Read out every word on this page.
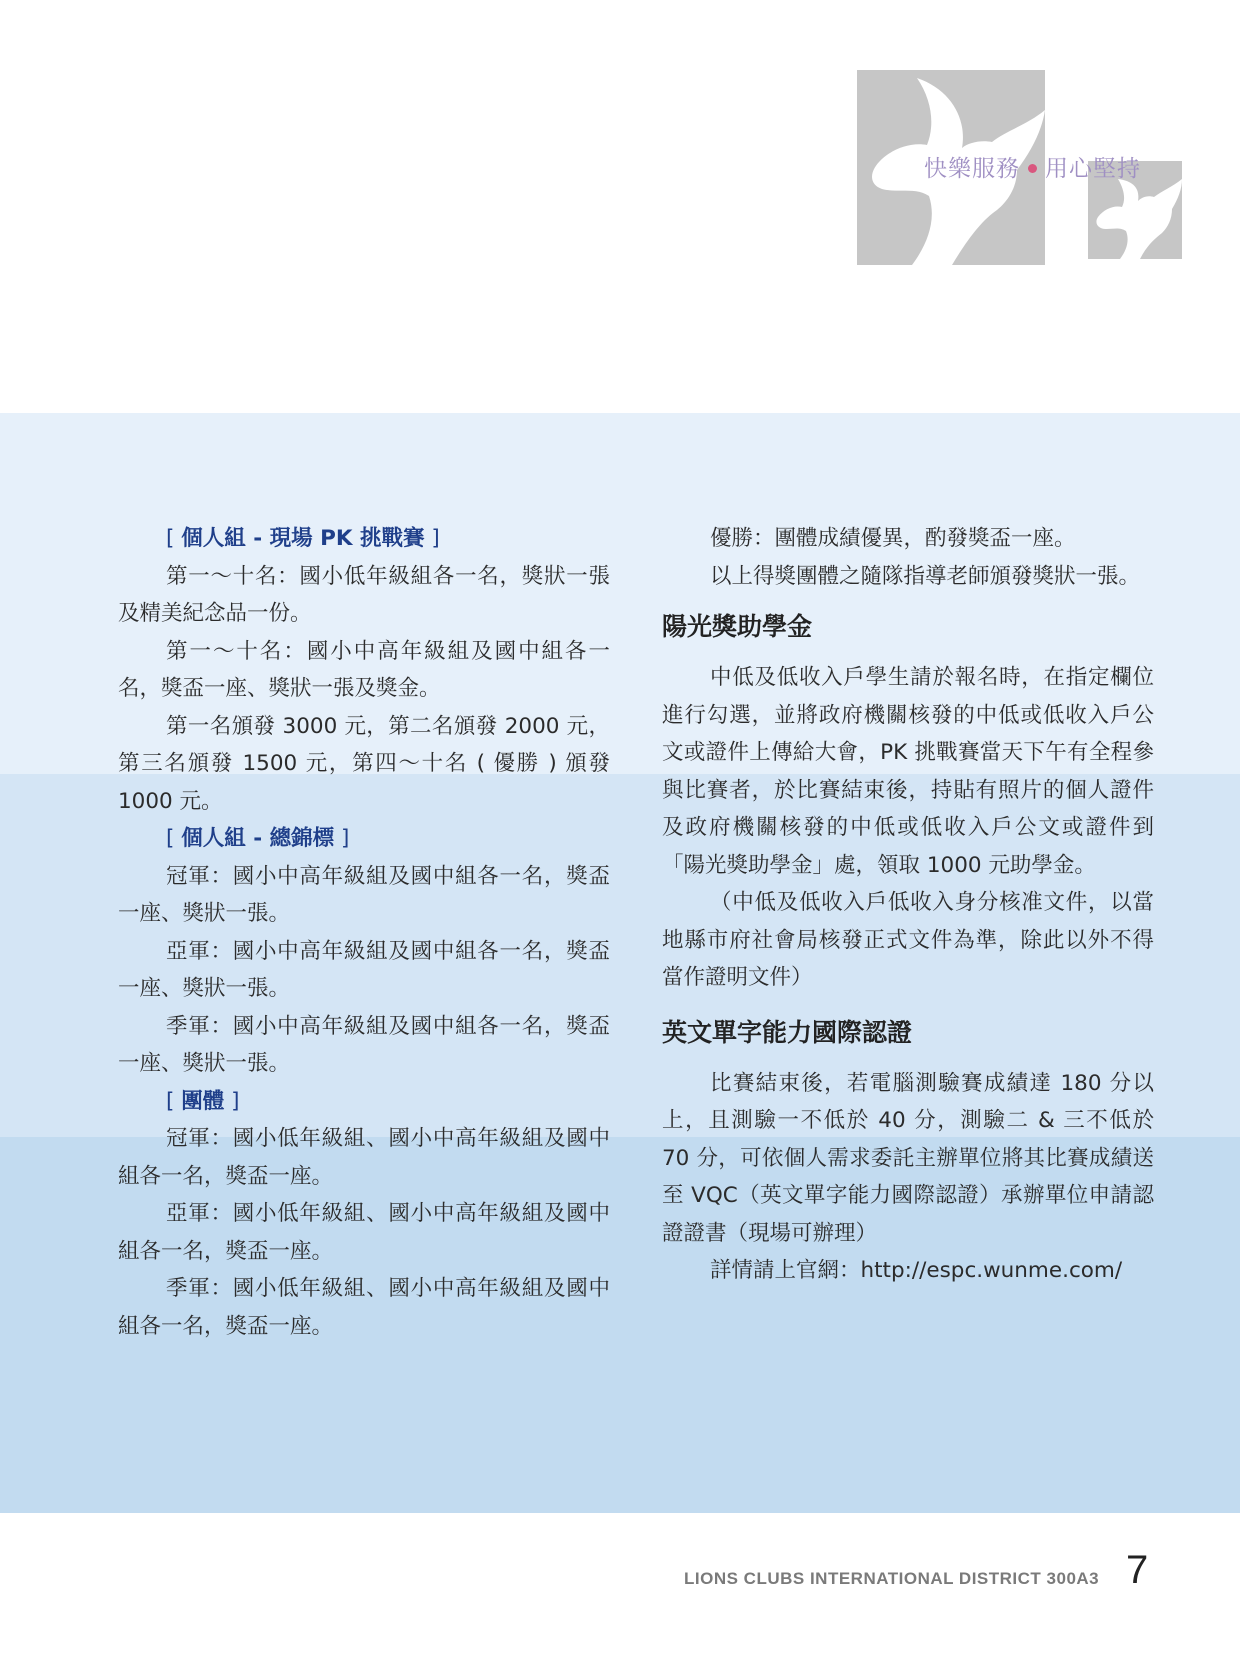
快樂服務 用心堅持

[ 個人組 - 現場 PK 挑戰賽 ]

第一～十名：國小低年級組各一名，獎狀一張及精美紀念品一份。

第一～十名：國小中高年級組及國中組各一名，獎盃一座、獎狀一張及獎金。

第一名頒發 3000 元，第二名頒發 2000 元，第三名頒發 1500 元，第四～十名 ( 優勝 ) 頒發 1000 元。

[ 個人組 - 總錦標 ]

冠軍：國小中高年級組及國中組各一名，獎盃一座、獎狀一張。

亞軍：國小中高年級組及國中組各一名，獎盃一座、獎狀一張。

季軍：國小中高年級組及國中組各一名，獎盃一座、獎狀一張。

[ 團體 ]

冠軍：國小低年級組、國小中高年級組及國中組各一名，獎盃一座。

亞軍：國小低年級組、國小中高年級組及國中組各一名，獎盃一座。

季軍：國小低年級組、國小中高年級組及國中組各一名，獎盃一座。

優勝：團體成績優異，酌發獎盃一座。

以上得獎團體之隨隊指導老師頒發獎狀一張。

陽光獎助學金

中低及低收入戶學生請於報名時，在指定欄位進行勾選，並將政府機關核發的中低或低收入戶公文或證件上傳給大會，PK 挑戰賽當天下午有全程參與比賽者，於比賽結束後，持貼有照片的個人證件及政府機關核發的中低或低收入戶公文或證件到「陽光獎助學金」處，領取 1000 元助學金。

（中低及低收入戶低收入身分核准文件，以當地縣市府社會局核發正式文件為準，除此以外不得當作證明文件）

英文單字能力國際認證

比賽結束後，若電腦測驗賽成績達 180 分以上，且測驗一不低於 40 分，測驗二 & 三不低於 70 分，可依個人需求委託主辦單位將其比賽成績送至 VQC（英文單字能力國際認證）承辦單位申請認證證書（現場可辦理）

詳情請上官網：http://espc.wunme.com/

LIONS CLUBS INTERNATIONAL DISTRICT 300A3 7
